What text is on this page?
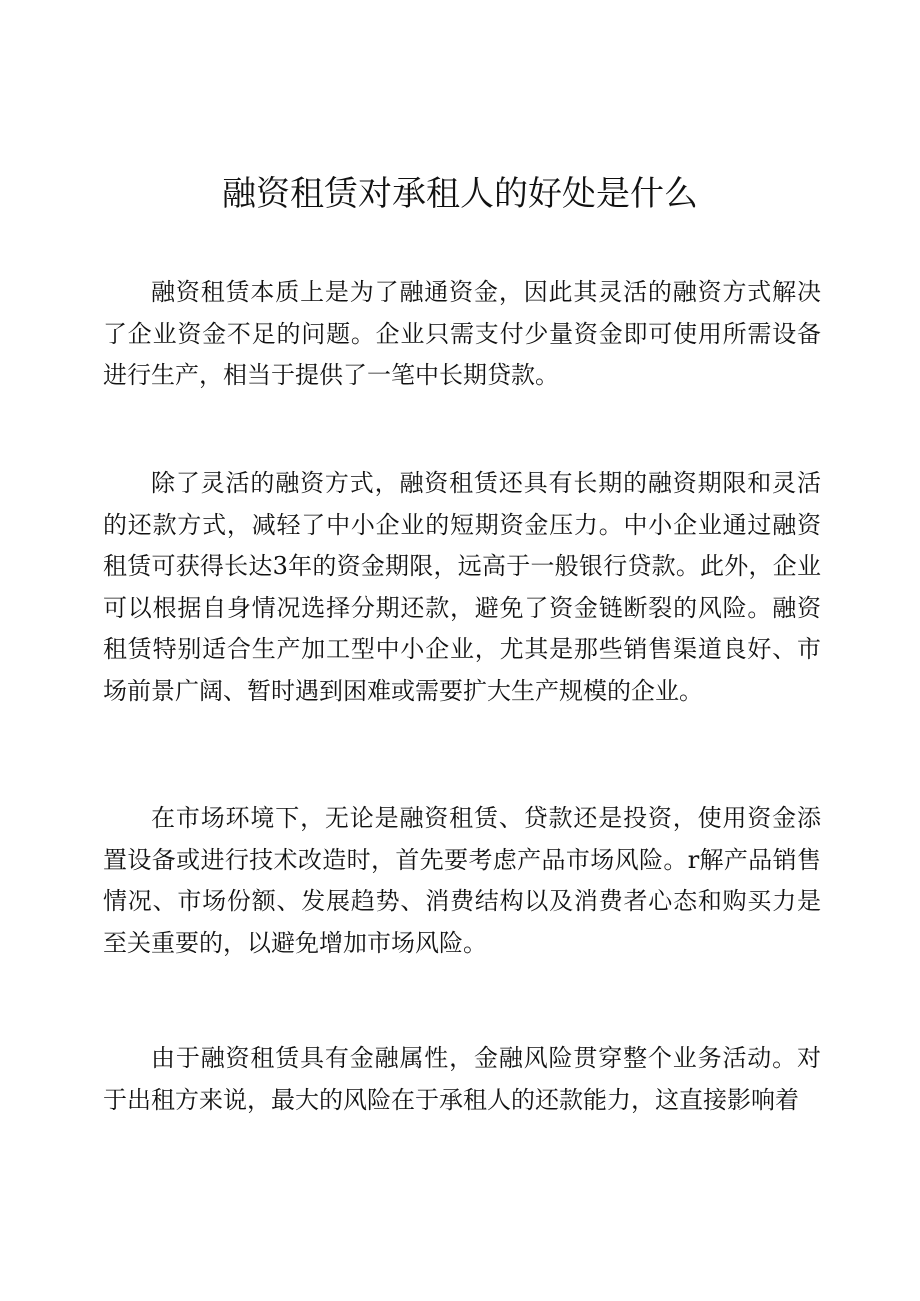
融资租赁对承租人的好处是什么

融资租赁本质上是为了融通资金，因此其灵活的融资方式解决了企业资金不足的问题。企业只需支付少量资金即可使用所需设备进行生产，相当于提供了一笔中长期贷款。

除了灵活的融资方式，融资租赁还具有长期的融资期限和灵活的还款方式，减轻了中小企业的短期资金压力。中小企业通过融资租赁可获得长达3年的资金期限，远高于一般银行贷款。此外，企业可以根据自身情况选择分期还款，避免了资金链断裂的风险。融资租赁特别适合生产加工型中小企业，尤其是那些销售渠道良好、市场前景广阔、暂时遇到困难或需要扩大生产规模的企业。

在市场环境下，无论是融资租赁、贷款还是投资，使用资金添置设备或进行技术改造时，首先要考虑产品市场风险。r解产品销售情况、市场份额、发展趋势、消费结构以及消费者心态和购买力是至关重要的，以避免增加市场风险。

由于融资租赁具有金融属性，金融风险贯穿整个业务活动。对于出租方来说，最大的风险在于承租人的还款能力，这直接影响着
